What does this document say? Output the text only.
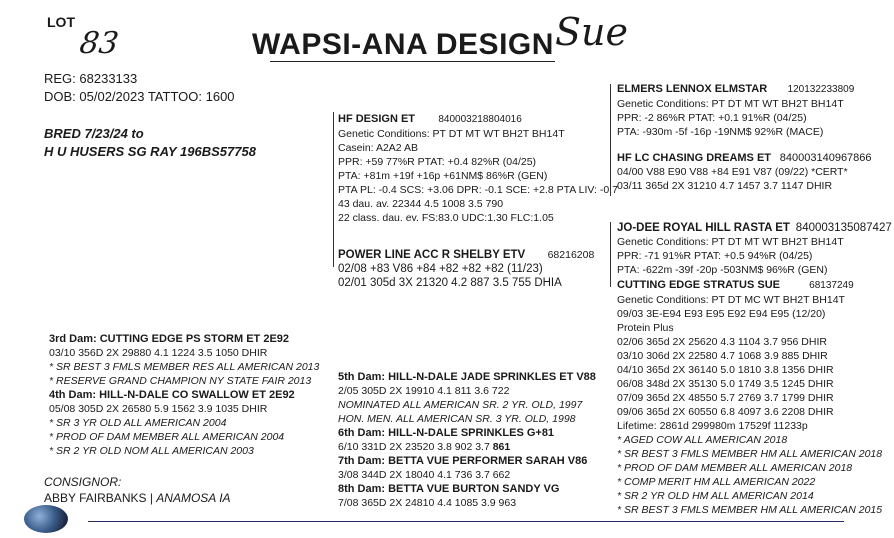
LOT
83	WAPSI-ANA DESIGN Sue
REG: 68233133
DOB: 05/02/2023 TATTOO: 1600
BRED 7/23/24 to
H U HUSERS SG RAY 196BS57758
HF DESIGN ET 840003218804016
Genetic Conditions: PT DT MT WT BH2T BH14T
Casein: A2A2 AB
PPR: +59 77%R PTAT: +0.4 82%R (04/25)
PTA: +81m +19f +16p +61NM$ 86%R (GEN)
PTA PL: -0.4 SCS: +3.06 DPR: -0.1 SCE: +2.8 PTA LIV: -0.7
43 dau. av. 22344 4.5 1008 3.5 790
22 class. dau. ev. FS:83.0 UDC:1.30 FLC:1.05
POWER LINE ACC R SHELBY ETV 68216208
02/08 +83 V86 +84 +82 +82 +82 (11/23)
02/01 305d 3X 21320 4.2 887 3.5 755 DHIA
ELMERS LENNOX ELMSTAR 120132233809
Genetic Conditions: PT DT MT WT BH2T BH14T
PPR: -2 86%R PTAT: +0.1 91%R (04/25)
PTA: -930m -5f -16p -19NM$ 92%R (MACE)
HF LC CHASING DREAMS ET 840003140967866
04/00 V88 E90 V88 +84 E91 V87 (09/22) *CERT*
03/11 365d 2X 31210 4.7 1457 3.7 1147 DHIR
JO-DEE ROYAL HILL RASTA ET 840003135087427
Genetic Conditions: PT DT MT WT BH2T BH14T
PPR: -71 91%R PTAT: +0.5 94%R (04/25)
PTA: -622m -39f -20p -503NM$ 96%R (GEN)
CUTTING EDGE STRATUS SUE	68137249
Genetic Conditions: PT DT MC WT BH2T BH14T
09/03 3E-E94 E93 E95 E92 E94 E95 (12/20)
Protein Plus
02/06 365d 2X 25620 4.3 1104 3.7 956 DHIR
03/10 306d 2X 22580 4.7 1068 3.9 885 DHIR
04/10 365d 2X 36140 5.0 1810 3.8 1356 DHIR
06/08 348d 2X 35130 5.0 1749 3.5 1245 DHIR
07/09 365d 2X 48550 5.7 2769 3.7 1799 DHIR
09/06 365d 2X 60550 6.8 4097 3.6 2208 DHIR
Lifetime: 2861d 299980m 17529f 11233p
* AGED COW ALL AMERICAN 2018
* SR BEST 3 FMLS MEMBER HM ALL AMERICAN 2018
* PROD OF DAM MEMBER ALL AMERICAN 2018
* COMP MERIT HM ALL AMERICAN 2022
* SR 2 YR OLD HM ALL AMERICAN 2014
* SR BEST 3 FMLS MEMBER HM ALL AMERICAN 2015
3rd Dam: CUTTING EDGE PS STORM ET 2E92
03/10 356D 2X 29880 4.1 1224 3.5 1050 DHIR
* SR BEST 3 FMLS MEMBER RES ALL AMERICAN 2013
* RESERVE GRAND CHAMPION NY STATE FAIR 2013
4th Dam: HILL-N-DALE CO SWALLOW ET 2E92
05/08 305D 2X 26580 5.9 1562 3.9 1035 DHIR
* SR 3 YR OLD ALL AMERICAN 2004
* PROD OF DAM MEMBER ALL AMERICAN 2004
* SR 2 YR OLD NOM ALL AMERICAN 2003
5th Dam: HILL-N-DALE JADE SPRINKLES ET V88
2/05 305D 2X 19910 4.1 811 3.6 722
NOMINATED ALL AMERICAN SR. 2 YR. OLD, 1997
HON. MEN. ALL AMERICAN SR. 3 YR. OLD, 1998
6th Dam: HILL-N-DALE SPRINKLES G+81
6/10 331D 2X 23520 3.8 902 3.7 861
7th Dam: BETTA VUE PERFORMER SARAH V86
3/08 344D 2X 18040 4.1 736 3.7 662
8th Dam: BETTA VUE BURTON SANDY VG
7/08 365D 2X 24810 4.4 1085 3.9 963
CONSIGNOR:
ABBY FAIRBANKS | ANAMOSA IA
